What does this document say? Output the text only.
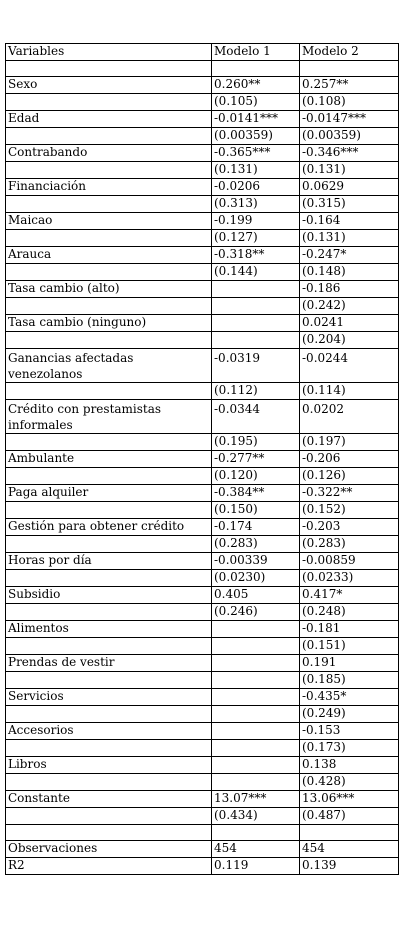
Variables	Modelo 1	Modelo 2

Sexo	0.260**	0.257**
	(0.105)	(0.108)
Edad	-0.0141***	-0.0147***
	(0.00359)	(0.00359)
Contrabando	-0.365***	-0.346***
	(0.131)	(0.131)
Financiación	-0.0206	0.0629
	(0.313)	(0.315)
Maicao	-0.199	-0.164
	(0.127)	(0.131)
Arauca	-0.318**	-0.247*
	(0.144)	(0.148)
Tasa cambio (alto)		-0.186
		(0.242)
Tasa cambio (ninguno)		0.0241
		(0.204)
Ganancias afectadas venezolanos	-0.0319	-0.0244
	(0.112)	(0.114)
Crédito con prestamistas informales	-0.0344	0.0202
	(0.195)	(0.197)
Ambulante	-0.277**	-0.206
	(0.120)	(0.126)
Paga alquiler	-0.384**	-0.322**
	(0.150)	(0.152)
Gestión para obtener crédito	-0.174	-0.203
	(0.283)	(0.283)
Horas por día	-0.00339	-0.00859
	(0.0230)	(0.0233)
Subsidio	0.405	0.417*
	(0.246)	(0.248)
Alimentos		-0.181
		(0.151)
Prendas de vestir		0.191
		(0.185)
Servicios		-0.435*
		(0.249)
Accesorios		-0.153
		(0.173)
Libros		0.138
		(0.428)
Constante	13.07***	13.06***
	(0.434)	(0.487)

Observaciones	454	454
R2	0.119	0.139
